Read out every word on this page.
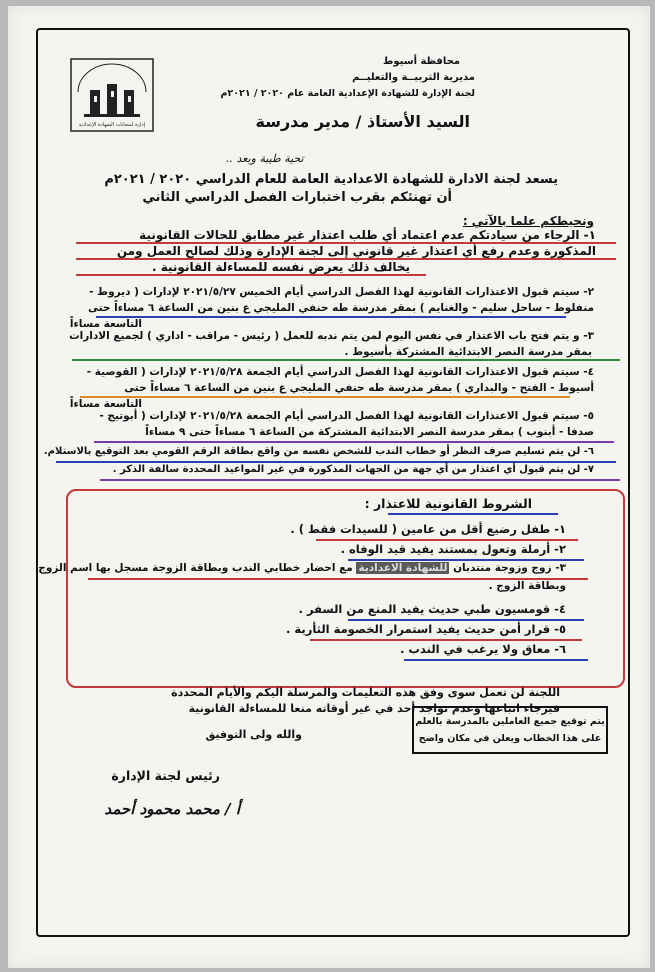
إدارة امتحانات الشهادة الإعدادية
محافظة أسيوط
مديرية التربيــة والتعليــم
لجنة الإدارة للشهادة الإعدادية العامة عام ٢٠٢٠ / ٢٠٢١م
السيد الأستاذ / مدير مدرسة
تحية طيبة وبعد ..
يسعد لجنة الادارة للشهادة الاعدادية العامة للعام الدراسي ٢٠٢٠ / ٢٠٢١م
أن تهنئكم بقرب اختبارات الفصل الدراسي الثاني
ونحيطكم علما بالآتي :
١- الرجاء من سيادتكم عدم اعتماد أي طلب اعتذار غير مطابق للحالات القانونية
المذكورة وعدم رفع أي اعتذار غير قانوني إلى لجنة الإدارة وذلك لصالح العمل ومن
يخالف ذلك يعرض نفسه للمساءلة القانونية .
٢- سيتم قبول الاعتذارات القانونية لهذا الفصل الدراسي أيام الخميس ٢٠٢١/٥/٢٧ لإدارات ( ديروط -
منفلوط - ساحل سليم - والغنايم ) بمقر مدرسة طه حنفي المليجي ع بنين من الساعة ٦ مساءاً حتى
التاسعة مساءاً
٣- و يتم فتح باب الاعتذار في نفس اليوم لمن يتم ندبه للعمل ( رئيس - مراقب - اداري ) لجميع الادارات
بمقر مدرسة النصر الابتدائية المشتركة بأسيوط .
٤- سيتم قبول الاعتذارات القانونية لهذا الفصل الدراسي أيام الجمعة ٢٠٢١/٥/٢٨ لإدارات ( القوصية -
أسيوط - الفتح - والبداري ) بمقر مدرسة طه حنفي المليجي ع بنين من الساعة ٦ مساءاً حتى
التاسعة مساءاً
٥- سيتم قبول الاعتذارات القانونية لهذا الفصل الدراسي أيام الجمعة ٢٠٢١/٥/٢٨ لإدارات ( أبوتيج -
صدفا - أبنوب ) بمقر مدرسة النصر الابتدائية المشتركة من الساعة ٦ مساءاً حتى ٩ مساءاً
٦- لن يتم تسليم صرف النظر أو خطاب الندب للشخص نفسه من واقع بطاقة الرقم القومي بعد التوقيع بالاستلام.
٧- لن يتم قبول أي اعتذار من أي جهة من الجهات المذكورة في غير المواعيد المحددة سالفة الذكر .
الشروط القانونية للاعتذار :
١- طفل رضيع أقل من عامين ( للسيدات فقط ) .
٢- أرملة وتعول بمستند يفيد قيد الوفاه .
٣- زوج وزوجة منتدبان للشهادة الاعدادية مع احضار خطابي الندب وبطاقة الزوجة مسجل بها اسم الزوج
وبطاقة الزوج .
٤- قومسيون طبي حديث يفيد المنع من السفر .
٥- قرار أمن حديث يفيد استمرار الخصومة الثأرية .
٦- معاق ولا يرغب في الندب .
اللجنة لن تعمل سوى وفق هذه التعليمات والمرسلة اليكم والأيام المحددة
فيرجاء اتباعها وعدم تواجد أحد في غير أوقاته منعا للمساءلة القانونية
والله ولى التوفيق
يتم توقيع جميع العاملين بالمدرسة بالعلم
على هذا الخطاب ويعلن في مكان واضح
رئيس لجنة الإدارة
أ / محمد محمود أحمد
